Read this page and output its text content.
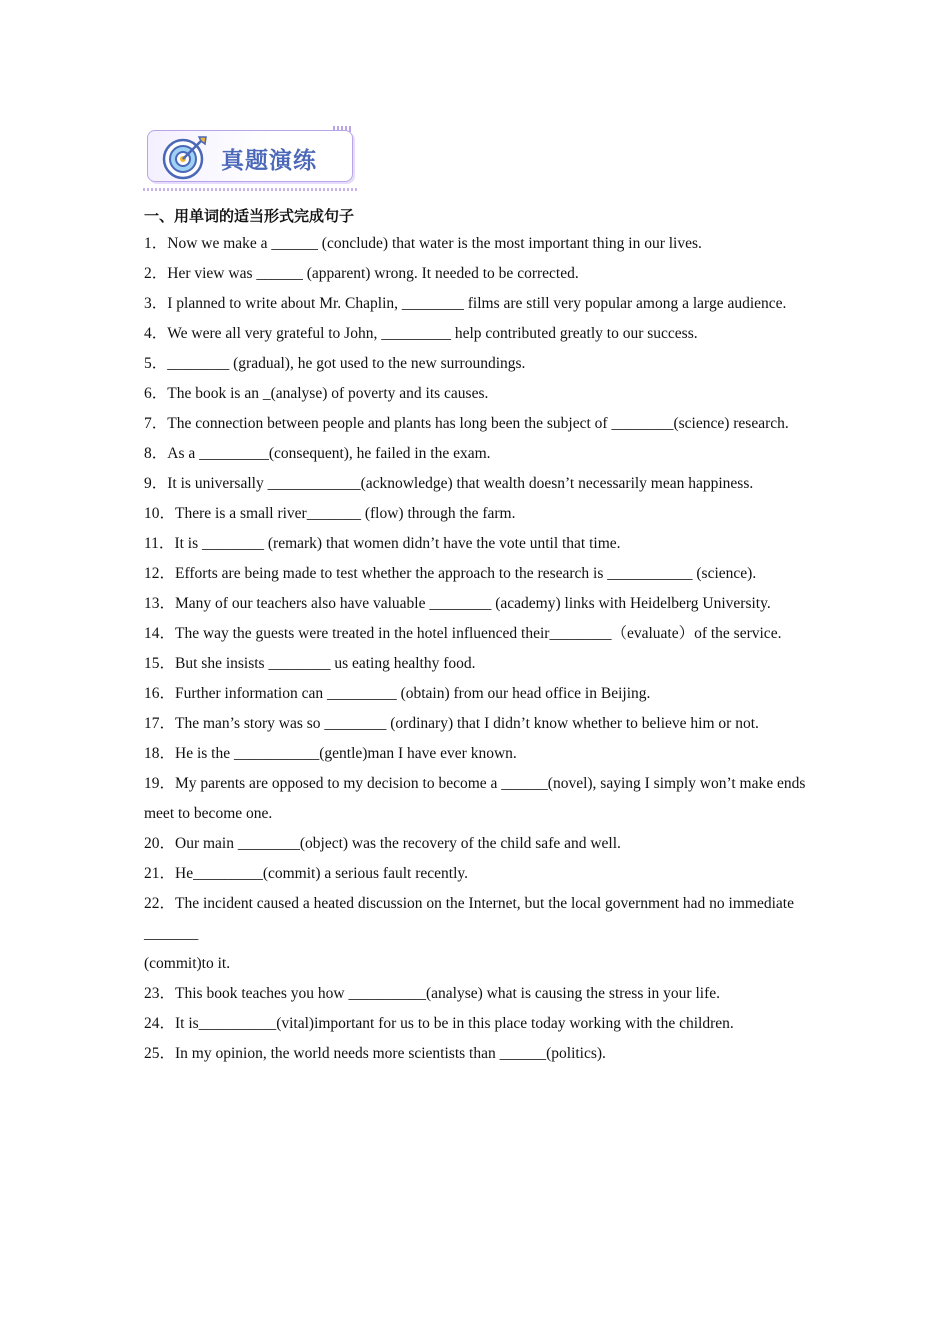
真题演练
一、用单词的适当形式完成句子

1．Now we make a ______ (conclude) that water is the most important thing in our lives.

2．Her view was ______ (apparent) wrong. It needed to be corrected.

3．I planned to write about Mr. Chaplin, ________ films are still very popular among a large audience.

4．We were all very grateful to John, _________ help contributed greatly to our success.

5．________ (gradual), he got used to the new surroundings.

6．The book is an _(analyse) of poverty and its causes.

7．The connection between people and plants has long been the subject of ________(science) research.

8．As a _________(consequent), he failed in the exam.

9．It is universally ____________(acknowledge) that wealth doesn’t necessarily mean happiness.

10．There is a small river_______ (flow) through the farm.

11．It is ________ (remark) that women didn’t have the vote until that time.

12．Efforts are being made to test whether the approach to the research is ___________ (science).

13．Many of our teachers also have valuable ________ (academy) links with Heidelberg University.

14．The way the guests were treated in the hotel influenced their________（evaluate）of the service.

15．But she insists ________ us eating healthy food.

16．Further information can _________ (obtain) from our head office in Beijing.

17．The man’s story was so ________ (ordinary) that I didn’t know whether to believe him or not.

18．He is the ___________(gentle)man I have ever known.

19．My parents are opposed to my decision to become a ______(novel), saying I simply won’t make ends meet to become one.

20．Our main ________(object) was the recovery of the child safe and well.

21．He_________(commit) a serious fault recently.

22．The incident caused a heated discussion on the Internet, but the local government had no immediate _______

(commit)to it.

23．This book teaches you how __________(analyse) what is causing the stress in your life.

24．It is__________(vital)important for us to be in this place today working with the children.

25．In my opinion, the world needs more scientists than ______(politics).
